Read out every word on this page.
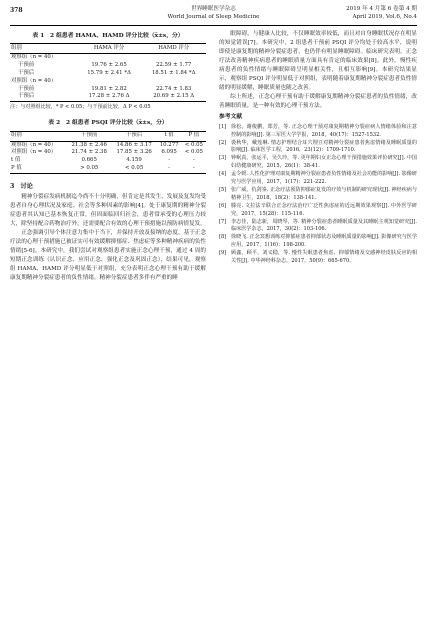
378	世界睡眠医学杂志
World Journal of Sleep Medicine
2019 年 4 月第 6 卷第 4 期
April 2019, Vol.6, No.4
表 1　2 组患者 HAMA、HAMD 评分比较（x̄±s，分）
组别	HAMA 评分	HAMD 评分
观察组（n = 40）		
干预前	19.76 ± 2.65	22.59 ± 1.77
干预后	15.79 ± 2.41 *Δ	18.51 ± 1.84 *Δ
对照组（n = 40）		
干预前	19.81 ± 2.82	22.74 ± 1.83
干预后	17.28 ± 2.76 Δ	20.69 ± 2.15 Δ
注：与对照组比较，* P < 0.05；与干预前比较，Δ P < 0.05
表 2　2 组患者 PSQI 评分比较（x̄±s，分）
组别	干预前	干预后	t 值	P 值
观察组（n = 40）	21.38 ± 2.46	14.86 ± 3.17	10.277	< 0.05
对照组（n = 40）	21.74 ± 2.38	17.85 ± 3.26	6.095	< 0.05
t 值	0.665	4.159	-	-
P 值	> 0.05	< 0.05	-	-
3　讨论

精神分裂症发病机制迄今尚不十分明确，但肯定是其发生、发展及复发均受患者自身心理状况及家庭、社会等多种因素的影响[4]。处于康复期的精神分裂症患者其认知已基本恢复正常，但因面临回归社会，患者常承受的心理压力较大，除坚持配合药物治疗外，还需要配合有效的心理干预措施以预防病情复发。

正念强调引导个体注意力集中于当下，并保持开放及接纳的态度，基于正念疗法的心理干预措施已被证实可有效缓解抑郁症、焦虑症等多种精神疾病的负性情绪[5-6]。本研究中，我们尝试对观察组患者实施正念心理干预，通过 4 周的短期正念训练（认识正念、应用正念、强化正念及巩固正念），结果可见，观察组 HAMA、HAMD 评分明显低于对照组，充分表明正念心理干预有助于缓解康复期精神分裂症患者的负性情绪。精神分裂症患者多伴有严重的睡

眠障碍，与健康人比较，不仅睡眠效率较低，而且对自身睡眠状况存在明显的知觉错误[7]。本研究中，2 组患者干预前 PSQI 评分均处于较高水平，说明即使是康复期的精神分裂症患者，也仍伴有明显睡眠障碍。临床研究表明，正念疗法改善精神疾病患者的睡眠质量方面具有肯定的临床效果[8]。此外，慢性疾病患者的负性情绪与睡眠障碍呈明显相关性，且相互影响[9]。本研究结果显示，观察组 PSQI 评分明显低于对照组，表明随着康复期精神分裂症患者负性情绪的明显缓解，睡眠质量也随之改善。

综上所述，正念心理干预有助于缓解康复期精神分裂症患者的负性情绪，改善睡眠质量，是一种有效的心理干预方法。

参考文献
[1] 徐松，谢俊鹏，郑芳，等. 正念心理干预对康复期精神分裂症病人情绪体验和注意控制的影响[J]. 第三军医大学学报，2018，40(17)：1527-1532.
[2] 裘秋华，戴莲琳. 情志护理结合耳穴埋豆对精神分裂症患者焦虑情绪及睡眠质量的影响[J]. 临床医学工程，2016，23(12)：1709-1710.
[3] 钟岷真，张运平，吴久玲，等. 更年期妇女正念心理干预措施效果评价研究[J]. 中国妇幼健康研究，2015，26(1)：38-41.
[4] 孟令媛. 人性化护理对康复期精神分裂症患者负性情绪及社会功能的影响[J]. 影像研究与医学应用，2017，1(17)：221-222.
[5] 张广威，仇剑崟. 正念疗法预防抑郁症复发的疗效与机制的研究现状[J]. 神经疾病与精神卫生，2018，18(2)：138-141.
[6] 滕亮. 文拉法辛联合正念疗法治疗广泛性焦虑症的近远期效果观察[J]. 中外医学研究，2017，15(28)：115-116.
[7] 李志佳，陆志新，周晓琴，等. 精神分裂症患者睡眠质量及其睡眠主观知觉研究[J]. 临床医学杂志，2017，30(2)：103-106.
[8] 徐晓飞. 正念冥想训练对抑郁症患者抑郁状态及睡眠质量的影响[J]. 影像研究与医学应用，2017，1(16)：198-200.
[9] 顾鑫，顾平，刘义稳，等. 慢性失眠患者焦虑、抑郁情绪及交感神经皮肤反应的相关性[J]. 中华神经科杂志，2017，50(9)：665-670.
